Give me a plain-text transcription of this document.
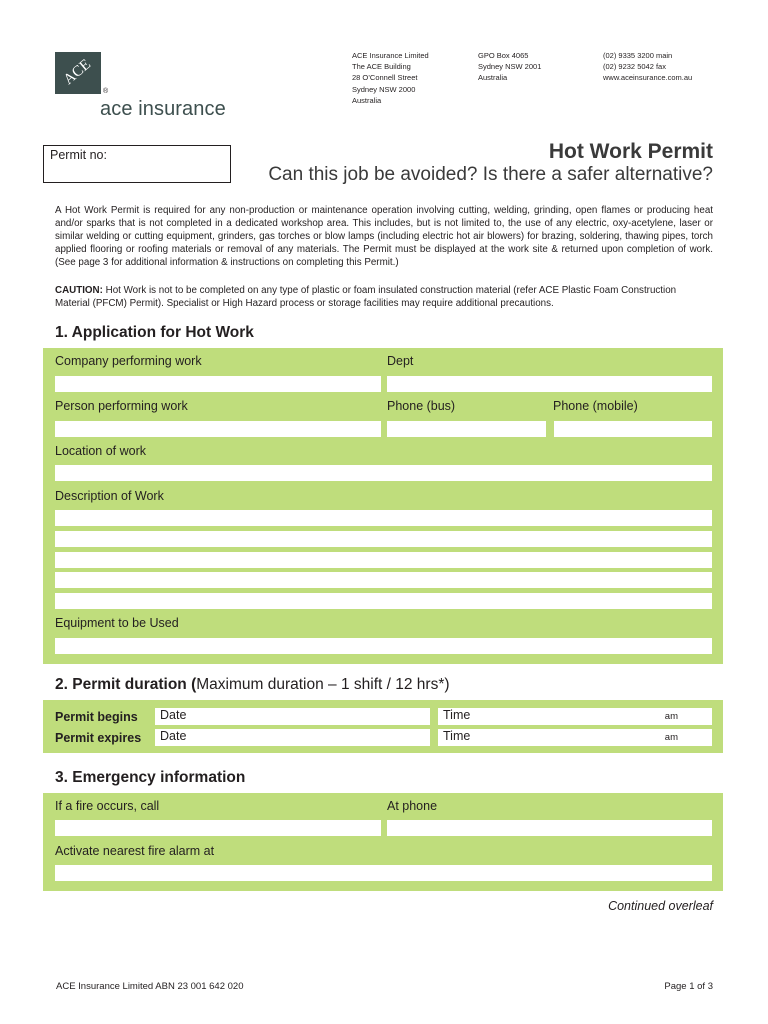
ACE
®
ace insurance
ACE Insurance Limited
The ACE Building
28 O’Connell Street
Sydney NSW 2000
Australia
GPO Box 4065
Sydney NSW 2001
Australia
(02) 9335 3200 main
(02) 9232 5042 fax
www.aceinsurance.com.au
Permit no:	Hot Work Permit
Can this job be avoided? Is there a safer alternative?
A Hot Work Permit is required for any non-production or maintenance operation involving cutting, welding, grinding, open flames or producing heat and/or sparks that is not completed in a dedicated workshop area. This includes, but is not limited to, the use of any electric, oxy-acetylene, laser or similar welding or cutting equipment, grinders, gas torches or blow lamps (including electric hot air blowers) for brazing, soldering, thawing pipes, torch applied flooring or roofing materials or removal of any materials. The Permit must be displayed at the work site & returned upon completion of work. (See page 3 for additional information & instructions on completing this Permit.)
CAUTION: Hot Work is not to be completed on any type of plastic or foam insulated construction material (refer ACE Plastic Foam Construction Material (PFCM) Permit). Specialist or High Hazard process or storage facilities may require additional precautions.
1. Application for Hot Work
Company performing work	Dept
Person performing work	Phone (bus)	Phone (mobile)
Location of work
Description of Work
Equipment to be Used
2. Permit duration (Maximum duration – 1 shift / 12 hrs*)
Permit begins Date	Time	am
Permit expires Date	Time	am
3. Emergency information
If a fire occurs, call	At phone
Activate nearest fire alarm at
Continued overleaf
ACE Insurance Limited ABN 23 001 642 020	Page 1 of 3
